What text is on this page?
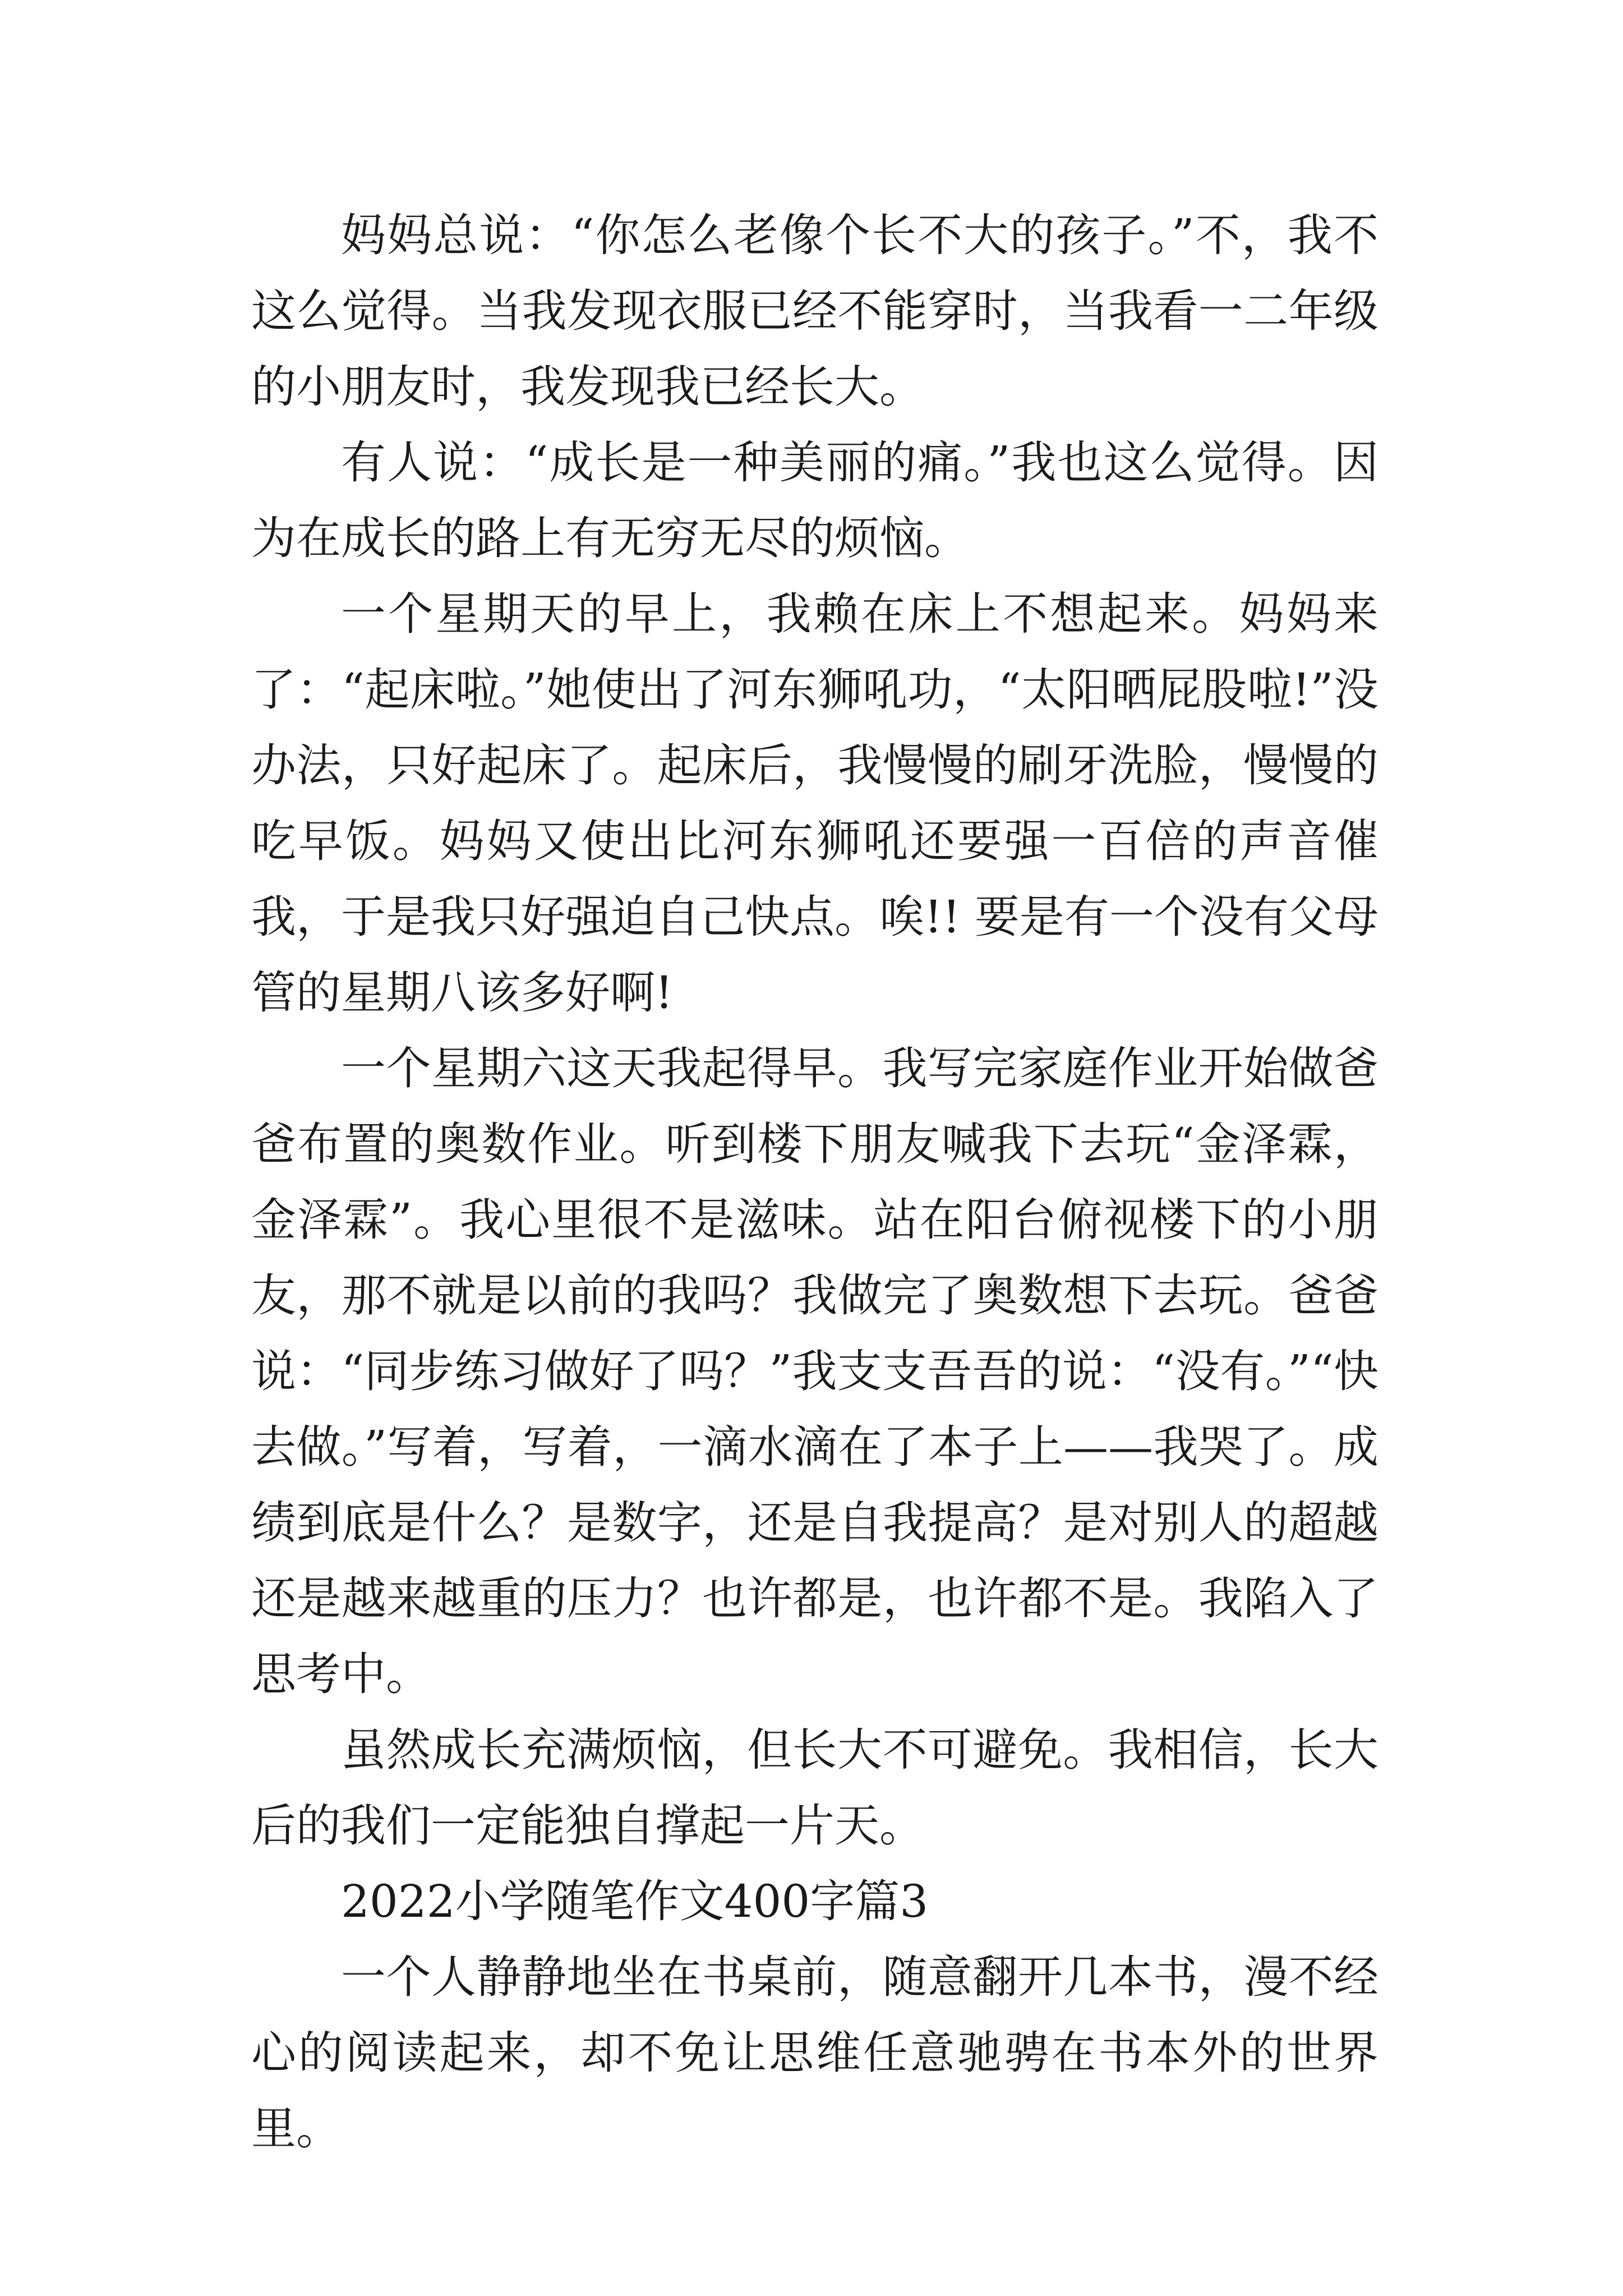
妈妈总说：“你怎么老像个长不大的孩子。”不，我不这么觉得。当我发现衣服已经不能穿时，当我看一二年级的小朋友时，我发现我已经长大。

有人说：“成长是一种美丽的痛。”我也这么觉得。因为在成长的路上有无穷无尽的烦恼。

一个星期天的早上，我赖在床上不想起来。妈妈来了：“起床啦。”她使出了河东狮吼功，“太阳晒屁股啦!”没办法，只好起床了。起床后，我慢慢的刷牙洗脸，慢慢的吃早饭。妈妈又使出比河东狮吼还要强一百倍的声音催我，于是我只好强迫自己快点。唉!! 要是有一个没有父母管的星期八该多好啊!

一个星期六这天我起得早。我写完家庭作业开始做爸爸布置的奥数作业。听到楼下朋友喊我下去玩“金泽霖，金泽霖”。我心里很不是滋味。站在阳台俯视楼下的小朋友，那不就是以前的我吗？我做完了奥数想下去玩。爸爸说：“同步练习做好了吗？”我支支吾吾的说：“没有。”“快去做。”写着，写着，一滴水滴在了本子上——我哭了。成绩到底是什么？是数字，还是自我提高？是对别人的超越还是越来越重的压力？也许都是，也许都不是。我陷入了思考中。

虽然成长充满烦恼，但长大不可避免。我相信，长大后的我们一定能独自撑起一片天。

2022小学随笔作文400字篇3

一个人静静地坐在书桌前，随意翻开几本书，漫不经心的阅读起来，却不免让思维任意驰骋在书本外的世界里。
